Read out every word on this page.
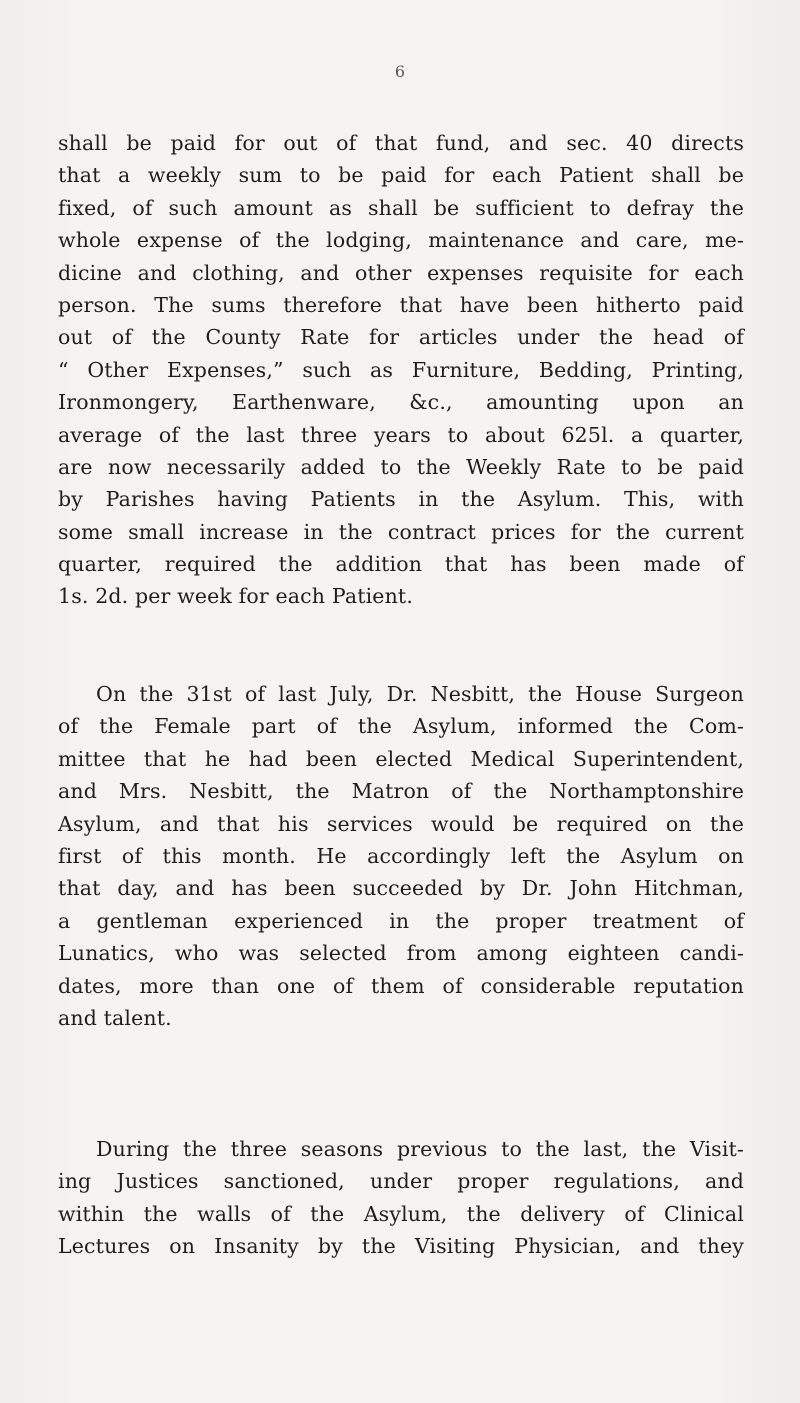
6
shall be paid for out of that fund, and sec. 40 directs
that a weekly sum to be paid for each Patient shall be
fixed, of such amount as shall be sufficient to defray the
whole expense of the lodging, maintenance and care, me-
dicine and clothing, and other expenses requisite for each
person. The sums therefore that have been hitherto paid
out of the County Rate for articles under the head of
“ Other Expenses,” such as Furniture, Bedding, Printing,
Ironmongery, Earthenware, &c., amounting upon an
average of the last three years to about 625l. a quarter,
are now necessarily added to the Weekly Rate to be paid
by Parishes having Patients in the Asylum. This, with
some small increase in the contract prices for the current
quarter, required the addition that has been made of
1s. 2d. per week for each Patient.
On the 31st of last July, Dr. Nesbitt, the House Surgeon
of the Female part of the Asylum, informed the Com-
mittee that he had been elected Medical Superintendent,
and Mrs. Nesbitt, the Matron of the Northamptonshire
Asylum, and that his services would be required on the
first of this month. He accordingly left the Asylum on
that day, and has been succeeded by Dr. John Hitchman,
a gentleman experienced in the proper treatment of
Lunatics, who was selected from among eighteen candi-
dates, more than one of them of considerable reputation
and talent.
During the three seasons previous to the last, the Visit-
ing Justices sanctioned, under proper regulations, and
within the walls of the Asylum, the delivery of Clinical
Lectures on Insanity by the Visiting Physician, and they
